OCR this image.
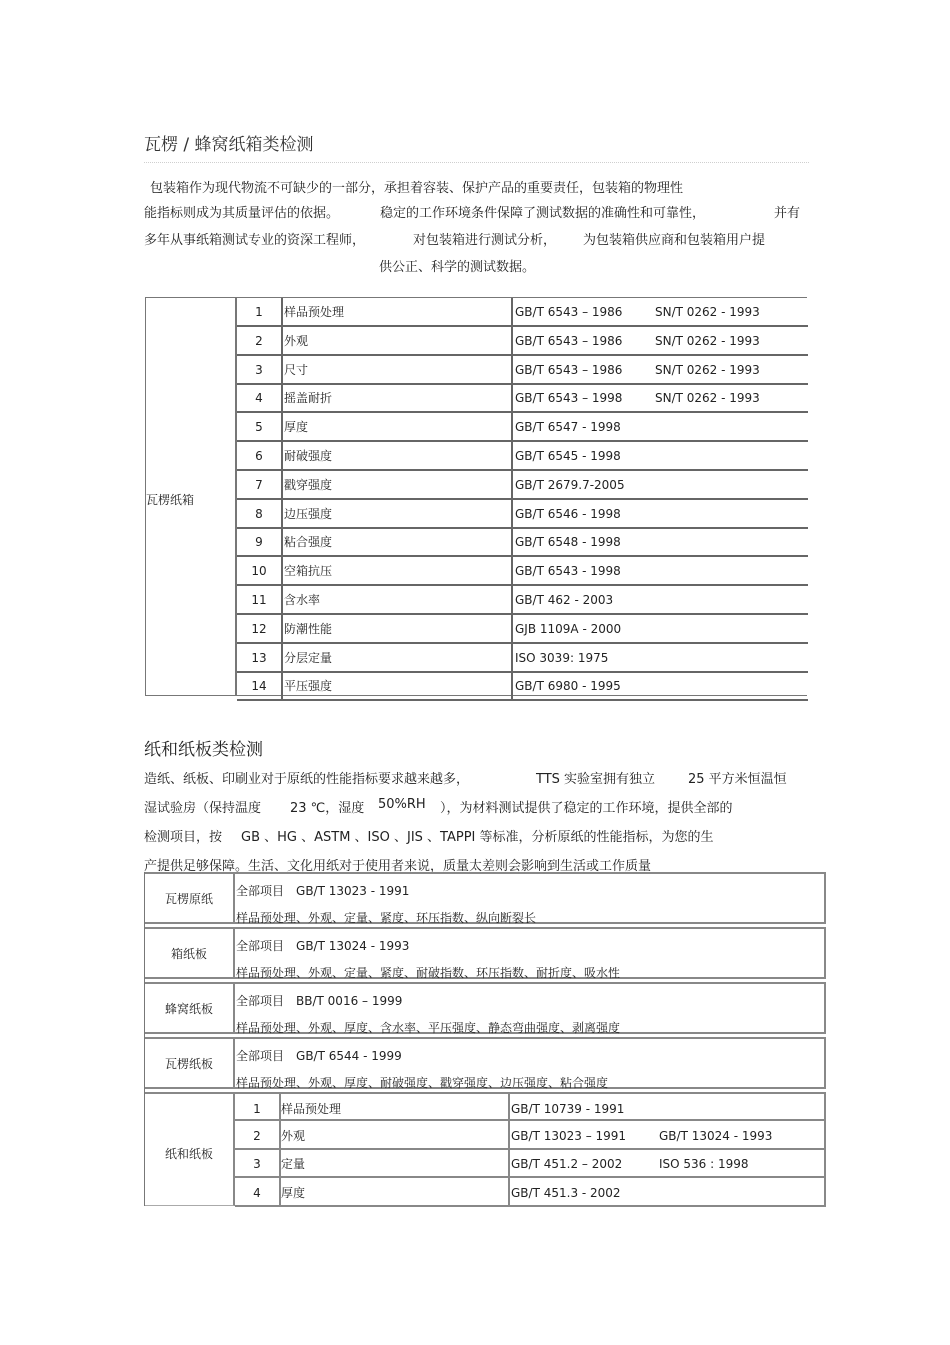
瓦楞 / 蜂窝纸箱类检测
包装箱作为现代物流不可缺少的一部分，承担着容装、保护产品的重要责任，包装箱的物理性
能指标则成为其质量评估的依据。	稳定的工作环境条件保障了测试数据的准确性和可靠性，	并有
多年从事纸箱测试专业的资深工程师，	对包装箱进行测试分析， 为包装箱供应商和包装箱用户提
供公正、科学的测试数据。
瓦楞纸箱
1	样品预处理	GB/T 6543 – 1986	SN/T 0262 - 1993
2	外观	GB/T 6543 – 1986	SN/T 0262 - 1993
3	尺寸	GB/T 6543 – 1986	SN/T 0262 - 1993
4	摇盖耐折	GB/T 6543 – 1998	SN/T 0262 - 1993
5	厚度	GB/T 6547 - 1998
6	耐破强度	GB/T 6545 - 1998
7	戳穿强度	GB/T 2679.7-2005
8	边压强度	GB/T 6546 - 1998
9	粘合强度	GB/T 6548 - 1998
10	空箱抗压	GB/T 6543 - 1998
11	含水率	GB/T 462 - 2003
12	防潮性能	GJB 1109A - 2000
13	分层定量	ISO 3039: 1975
14	平压强度	GB/T 6980 - 1995
纸和纸板类检测
造纸、纸板、印刷业对于原纸的性能指标要求越来越多，	TTS 实验室拥有独立	25 平方米恒温恒
湿试验房（保持温度 23 ℃，湿度 50%RH ），为材料测试提供了稳定的工作环境，提供全部的
检测项目，按 GB 、HG 、ASTM 、ISO 、JIS 、TAPPI 等标准，分析原纸的性能指标，为您的生
产提供足够保障。生活、文化用纸对于使用者来说，质量太差则会影响到生活或工作质量
瓦楞原纸
全部项目 GB/T 13023 - 1991
样品预处理、外观、定量、紧度、环压指数、纵向断裂长
箱纸板
全部项目 GB/T 13024 - 1993
样品预处理、外观、定量、紧度、耐破指数、环压指数、耐折度、吸水性
蜂窝纸板
全部项目 BB/T 0016 – 1999
样品预处理、外观、厚度、含水率、平压强度、静态弯曲强度、剥离强度
瓦楞纸板
全部项目 GB/T 6544 - 1999
样品预处理、外观、厚度、耐破强度、戳穿强度、边压强度、粘合强度
纸和纸板
1	样品预处理	GB/T 10739 - 1991
2	外观	GB/T 13023 – 1991	GB/T 13024 - 1993
3	定量	GB/T 451.2 – 2002	ISO 536 : 1998
4	厚度	GB/T 451.3 - 2002
